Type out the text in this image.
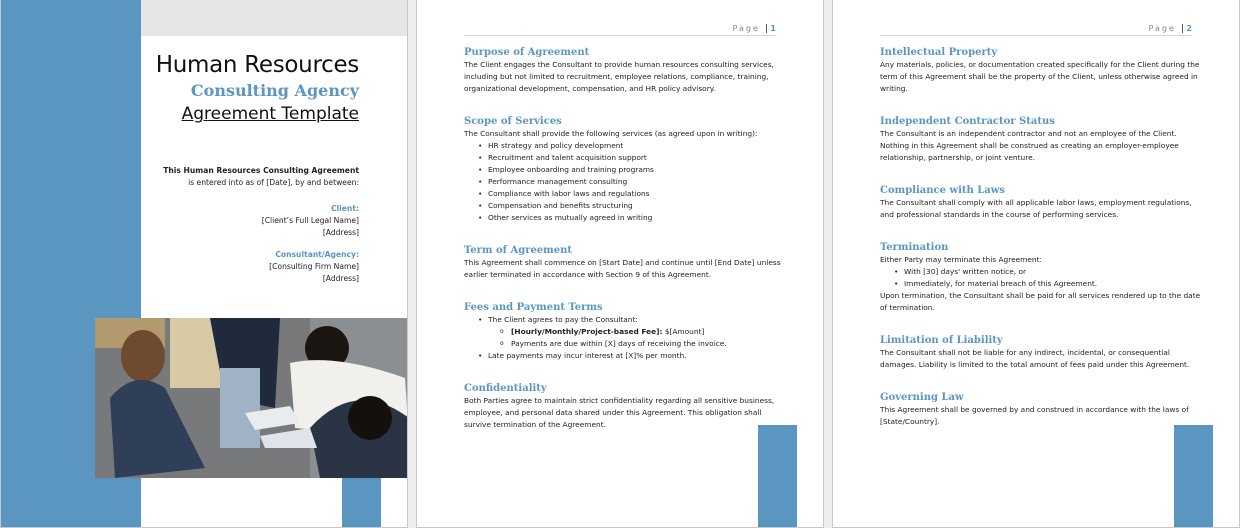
Human Resources
Consulting Agency
Agreement Template
This Human Resources Consulting Agreement
is entered into as of [Date], by and between:
Client:
[Client’s Full Legal Name]
[Address]
Consultant/Agency:
[Consulting Firm Name]
[Address]
Page 1
Purpose of Agreement
The Client engages the Consultant to provide human resources consulting services, including but not limited to recruitment, employee relations, compliance, training, organizational development, compensation, and HR policy advisory.
Scope of Services
The Consultant shall provide the following services (as agreed upon in writing):
• HR strategy and policy development
• Recruitment and talent acquisition support
• Employee onboarding and training programs
• Performance management consulting
• Compliance with labor laws and regulations
• Compensation and benefits structuring
• Other services as mutually agreed in writing
Term of Agreement
This Agreement shall commence on [Start Date] and continue until [End Date] unless earlier terminated in accordance with Section 9 of this Agreement.
Fees and Payment Terms
• The Client agrees to pay the Consultant:
o [Hourly/Monthly/Project-based Fee]: $[Amount]
o Payments are due within [X] days of receiving the invoice.
• Late payments may incur interest at [X]% per month.
Confidentiality
Both Parties agree to maintain strict confidentiality regarding all sensitive business, employee, and personal data shared under this Agreement. This obligation shall survive termination of the Agreement.
Page 2
Intellectual Property
Any materials, policies, or documentation created specifically for the Client during the term of this Agreement shall be the property of the Client, unless otherwise agreed in writing.
Independent Contractor Status
The Consultant is an independent contractor and not an employee of the Client. Nothing in this Agreement shall be construed as creating an employer-employee relationship, partnership, or joint venture.
Compliance with Laws
The Consultant shall comply with all applicable labor laws, employment regulations, and professional standards in the course of performing services.
Termination
Either Party may terminate this Agreement:
• With [30] days' written notice, or
• Immediately, for material breach of this Agreement.
Upon termination, the Consultant shall be paid for all services rendered up to the date of termination.
Limitation of Liability
The Consultant shall not be liable for any indirect, incidental, or consequential damages. Liability is limited to the total amount of fees paid under this Agreement.
Governing Law
This Agreement shall be governed by and construed in accordance with the laws of [State/Country].
